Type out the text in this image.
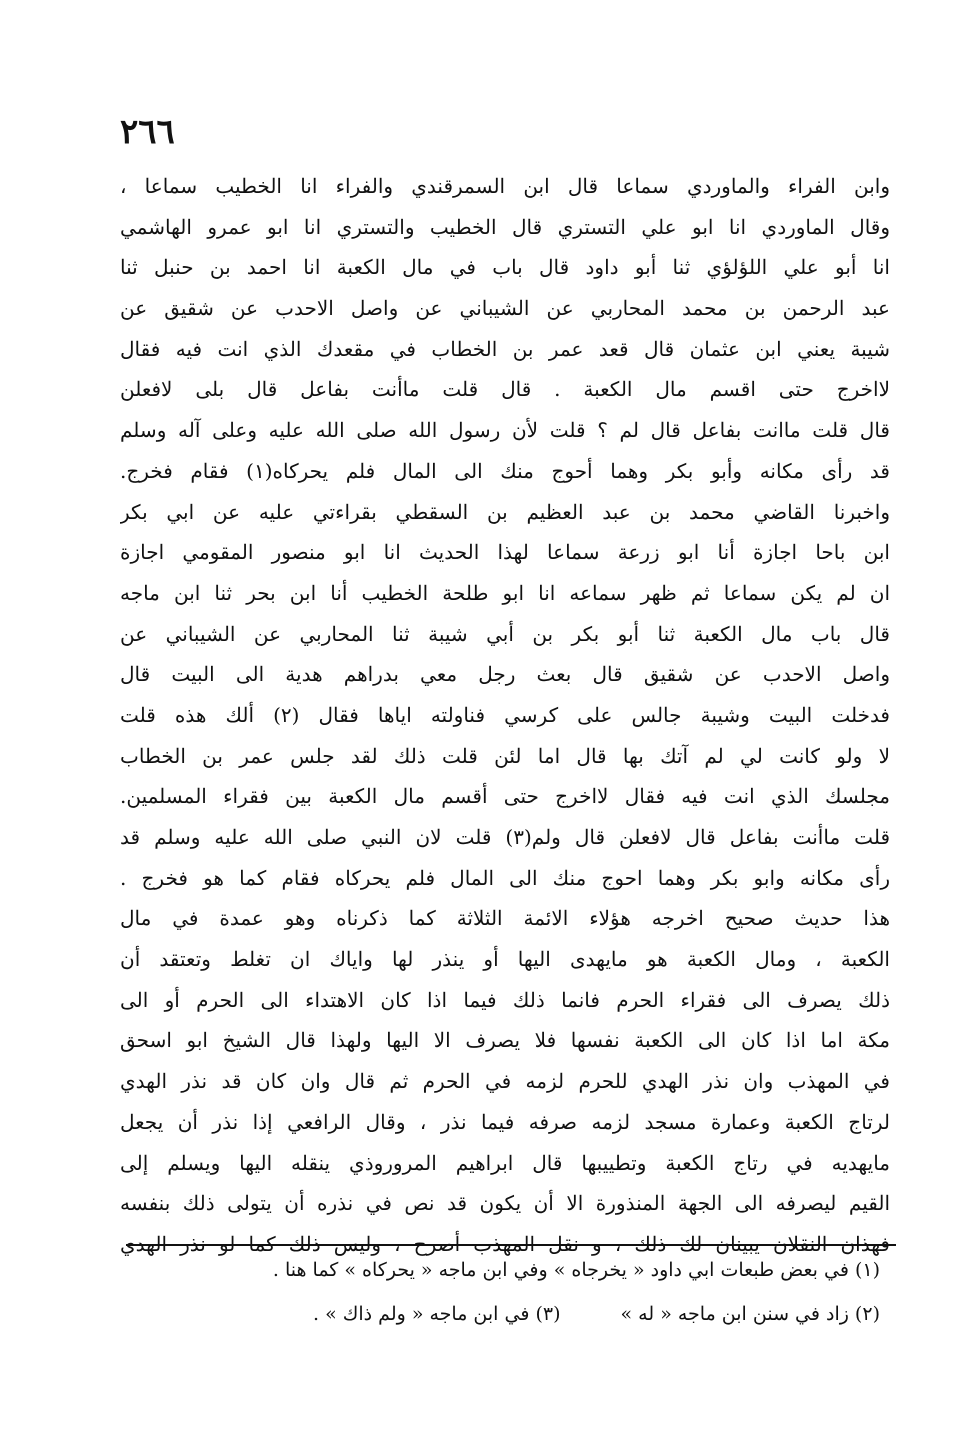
٢٦٦
وابن الفراء والماوردي سماعا قال ابن السمرقندي والفراء انا الخطيب سماعا ،
وقال الماوردي انا ابو علي التستري قال الخطيب والتستري انا ابو عمرو الهاشمي
انا أبو علي اللؤلؤي ثنا أبو داود قال باب في مال الكعبة انا احمد بن حنبل ثنا
عبد الرحمن بن محمد المحاربي عن الشيباني عن واصل الاحدب عن شقيق عن
شيبة يعني ابن عثمان قال قعد عمر بن الخطاب في مقعدك الذي انت فيه فقال
لااخرج حتى اقسم مال الكعبة . قال قلت ماأنت بفاعل قال بلى لافعلن
قال قلت ماانت بفاعل قال لم ؟ قلت لأن رسول الله صلى الله عليه وعلى آله وسلم
قد رأى مكانه وأبو بكر وهما أحوج منك الى المال فلم يحركاه(١) فقام فخرج.
واخبرنا القاضي محمد بن عبد العظيم بن السقطي بقراءتي عليه عن ابي بكر
ابن باحا اجازة أنا ابو زرعة سماعا لهذا الحديث انا ابو منصور المقومي اجازة
ان لم يكن سماعا ثم ظهر سماعه انا ابو طلحة الخطيب أنا ابن بحر ثنا ابن ماجه
قال باب مال الكعبة ثنا أبو بكر بن أبي شيبة ثنا المحاربي عن الشيباني عن
واصل الاحدب عن شقيق قال بعث رجل معي بدراهم هدية الى البيت قال
فدخلت البيت وشيبة جالس على كرسي فناولته اياها فقال (٢) ألك هذه قلت
لا ولو كانت لي لم آتك بها قال اما لئن قلت ذلك لقد جلس عمر بن الخطاب
مجلسك الذي انت فيه فقال لااخرج حتى أقسم مال الكعبة بين فقراء المسلمين.
قلت ماأنت بفاعل قال لافعلن قال ولم(٣) قلت لان النبي صلى الله عليه وسلم قد
رأى مكانه وابو بكر وهما احوج منك الى المال فلم يحركاه فقام كما هو فخرج .
هذا حديث صحيح اخرجه هؤلاء الائمة الثلاثة كما ذكرناه وهو عمدة في مال
الكعبة ، ومال الكعبة هو مايهدى اليها أو ينذر لها واياك ان تغلط وتعتقد أن
ذلك يصرف الى فقراء الحرم فانما ذلك فيما اذا كان الاهتداء الى الحرم أو الى
مكة اما اذا كان الى الكعبة نفسها فلا يصرف الا اليها ولهذا قال الشيخ ابو اسحق
في المهذب وان نذر الهدي للحرم لزمه في الحرم ثم قال وان كان قد نذر الهدي
لرتاج الكعبة وعمارة مسجد لزمه صرفه فيما نذر ، وقال الرافعي إذا نذر أن يجعل
مايهديه في رتاج الكعبة وتطييبها قال ابراهيم المروروذي ينقله اليها ويسلم إلى
القيم ليصرفه الى الجهة المنذورة الا أن يكون قد نص في نذره أن يتولى ذلك بنفسه
فهذان النقلان يبينان لك ذلك ، و نقل المهذب أصرح ، وليس ذلك كما لو نذر الهدي
(١) في بعض طبعات ابي داود « يخرجاه » وفي ابن ماجه « يحركاه » كما هنا .
(٢) زاد في سنن ابن ماجه « له »(٣) في ابن ماجه « ولم ذاك » .
